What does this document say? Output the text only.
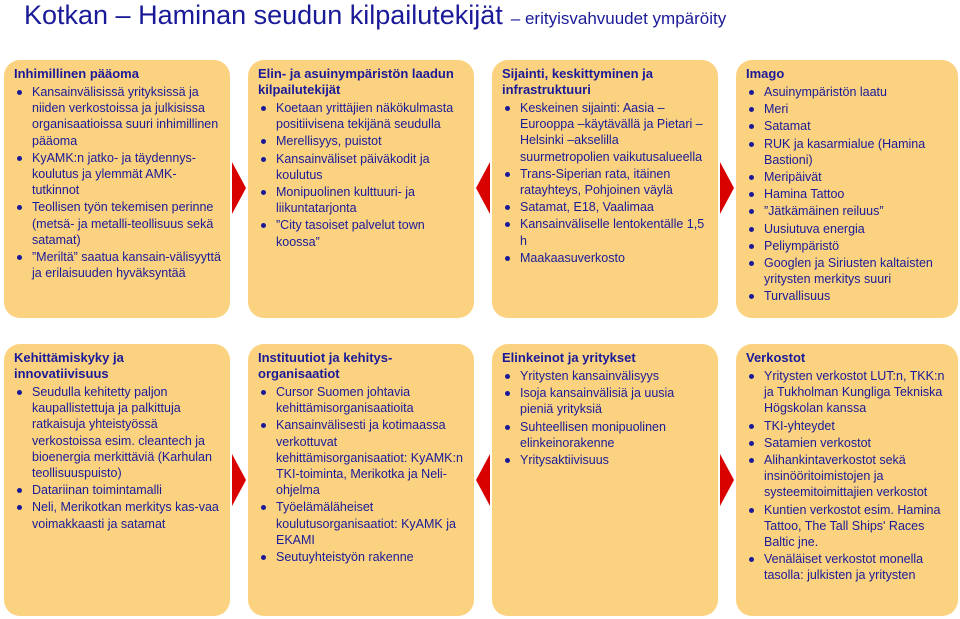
Kotkan – Haminan seudun kilpailutekijät – erityisvahvuudet ympäröity
Inhimillinen pääoma
Kansainvälisissä yrityksissä ja niiden verkostoissa ja julkisissa organisaatioissa suuri inhimillinen pääoma
KyAMK:n jatko- ja täydennys-koulutus ja ylemmät AMK-tutkinnot
Teollisen työn tekemisen perinne (metsä- ja metalli-teollisuus sekä satamat)
”Meriltä” saatua kansain-välisyyttä ja erilaisuuden hyväksyntää
Elin- ja asuinympäristön laadun kilpailutekijät
Koetaan yrittäjien näkökulmasta positiivisena tekijänä seudulla
Merellisyys, puistot
Kansainväliset päiväkodit ja koulutus
Monipuolinen kulttuuri- ja liikuntatarjonta
”City tasoiset palvelut town koossa”
Sijainti, keskittyminen ja infrastruktuuri
Keskeinen sijainti: Aasia –Eurooppa –käytävällä ja Pietari – Helsinki –akselilla suurmetropolien vaikutusalueella
Trans-Siperian rata, itäinen ratayhteys, Pohjoinen väylä
Satamat, E18, Vaalimaa
Kansainväliselle lentokentälle 1,5 h
Maakaasuverkosto
Imago
Asuinympäristön laatu
Meri
Satamat
RUK ja kasarmialue (Hamina Bastioni)
Meripäivät
Hamina Tattoo
”Jätkämäinen reiluus”
Uusiutuva energia
Peliympäristö
Googlen ja Siriusten kaltaisten yritysten merkitys suuri
Turvallisuus
Kehittämiskyky ja innovatiivisuus
Seudulla kehitetty paljon kaupallistettuja ja palkittuja ratkaisuja yhteistyössä verkostoissa esim. cleantech ja bioenergia merkittäviä (Karhulan teollisuuspuisto)
Datariinan toimintamalli
Neli, Merikotkan merkitys kas-vaa voimakkaasti ja satamat
Instituutiot ja kehitys-organisaatiot
Cursor Suomen johtavia kehittämisorganisaatioita
Kansainvälisesti ja kotimaassa verkottuvat kehittämisorganisaatiot: KyAMK:n TKI-toiminta, Merikotka ja Neli-ohjelma
Työelämäläheiset koulutusorganisaatiot: KyAMK ja EKAMI
Seutuyhteistyön rakenne
Elinkeinot ja yritykset
Yritysten kansainvälisyys
Isoja kansainvälisiä ja uusia pieniä yrityksiä
Suhteellisen monipuolinen elinkeinorakenne
Yritysaktiivisuus
Verkostot
Yritysten verkostot LUT:n, TKK:n ja Tukholman Kungliga Tekniska Högskolan kanssa
TKI-yhteydet
Satamien verkostot
Alihankintaverkostot sekä insinööritoimistojen ja systeemitoimittajien verkostot
Kuntien verkostot esim. Hamina Tattoo, The Tall Ships' Races Baltic jne.
Venäläiset verkostot monella tasolla: julkisten ja yritysten
